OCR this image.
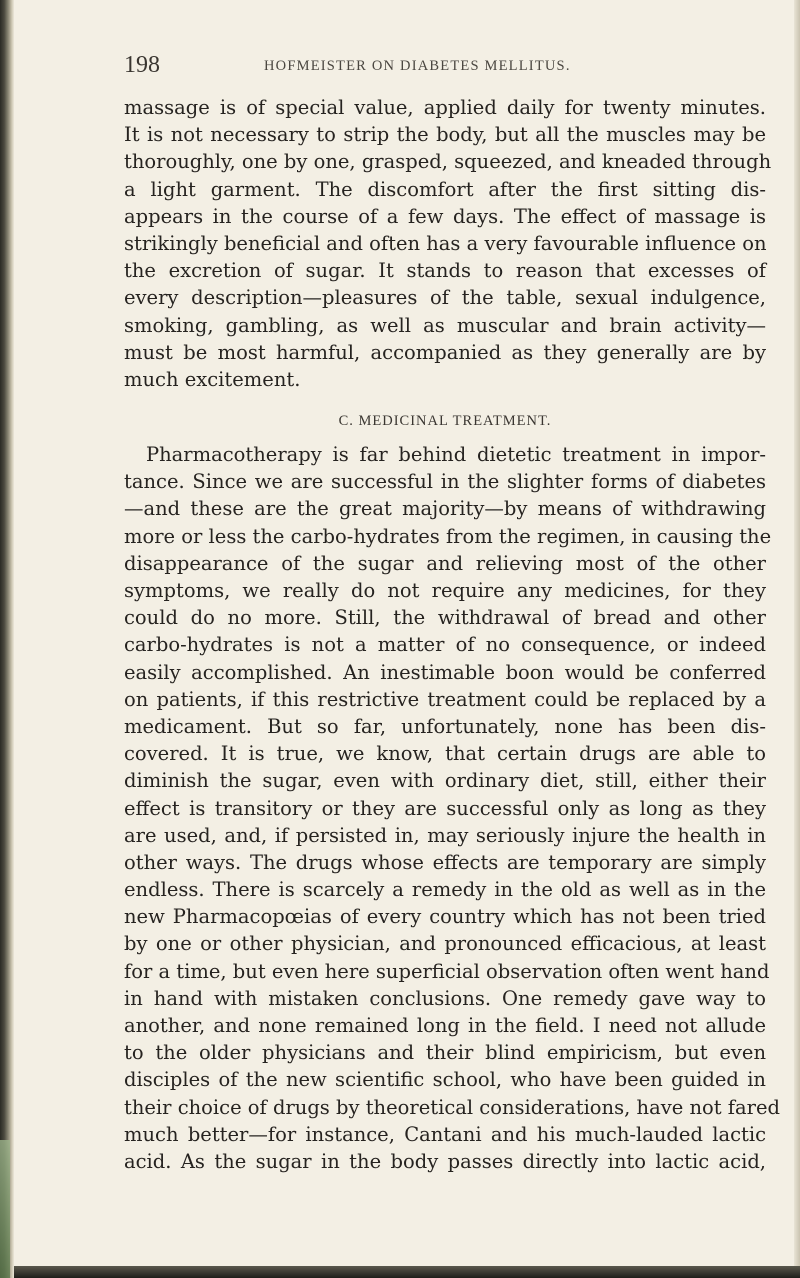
198	HOFMEISTER ON DIABETES MELLITUS.
massage is of special value, applied daily for twenty minutes.
It is not necessary to strip the body, but all the muscles may be
thoroughly, one by one, grasped, squeezed, and kneaded through
a light garment. The discomfort after the first sitting dis-
appears in the course of a few days. The effect of massage is
strikingly beneficial and often has a very favourable influence on
the excretion of sugar. It stands to reason that excesses of
every description—pleasures of the table, sexual indulgence,
smoking, gambling, as well as muscular and brain activity—
must be most harmful, accompanied as they generally are by
much excitement.
C. MEDICINAL TREATMENT.
Pharmacotherapy is far behind dietetic treatment in impor-
tance. Since we are successful in the slighter forms of diabetes
—and these are the great majority—by means of withdrawing
more or less the carbo-hydrates from the regimen, in causing the
disappearance of the sugar and relieving most of the other
symptoms, we really do not require any medicines, for they
could do no more. Still, the withdrawal of bread and other
carbo-hydrates is not a matter of no consequence, or indeed
easily accomplished. An inestimable boon would be conferred
on patients, if this restrictive treatment could be replaced by a
medicament. But so far, unfortunately, none has been dis-
covered. It is true, we know, that certain drugs are able to
diminish the sugar, even with ordinary diet, still, either their
effect is transitory or they are successful only as long as they
are used, and, if persisted in, may seriously injure the health in
other ways. The drugs whose effects are temporary are simply
endless. There is scarcely a remedy in the old as well as in the
new Pharmacopœias of every country which has not been tried
by one or other physician, and pronounced efficacious, at least
for a time, but even here superficial observation often went hand
in hand with mistaken conclusions. One remedy gave way to
another, and none remained long in the field. I need not allude
to the older physicians and their blind empiricism, but even
disciples of the new scientific school, who have been guided in
their choice of drugs by theoretical considerations, have not fared
much better—for instance, Cantani and his much-lauded lactic
acid. As the sugar in the body passes directly into lactic acid,
